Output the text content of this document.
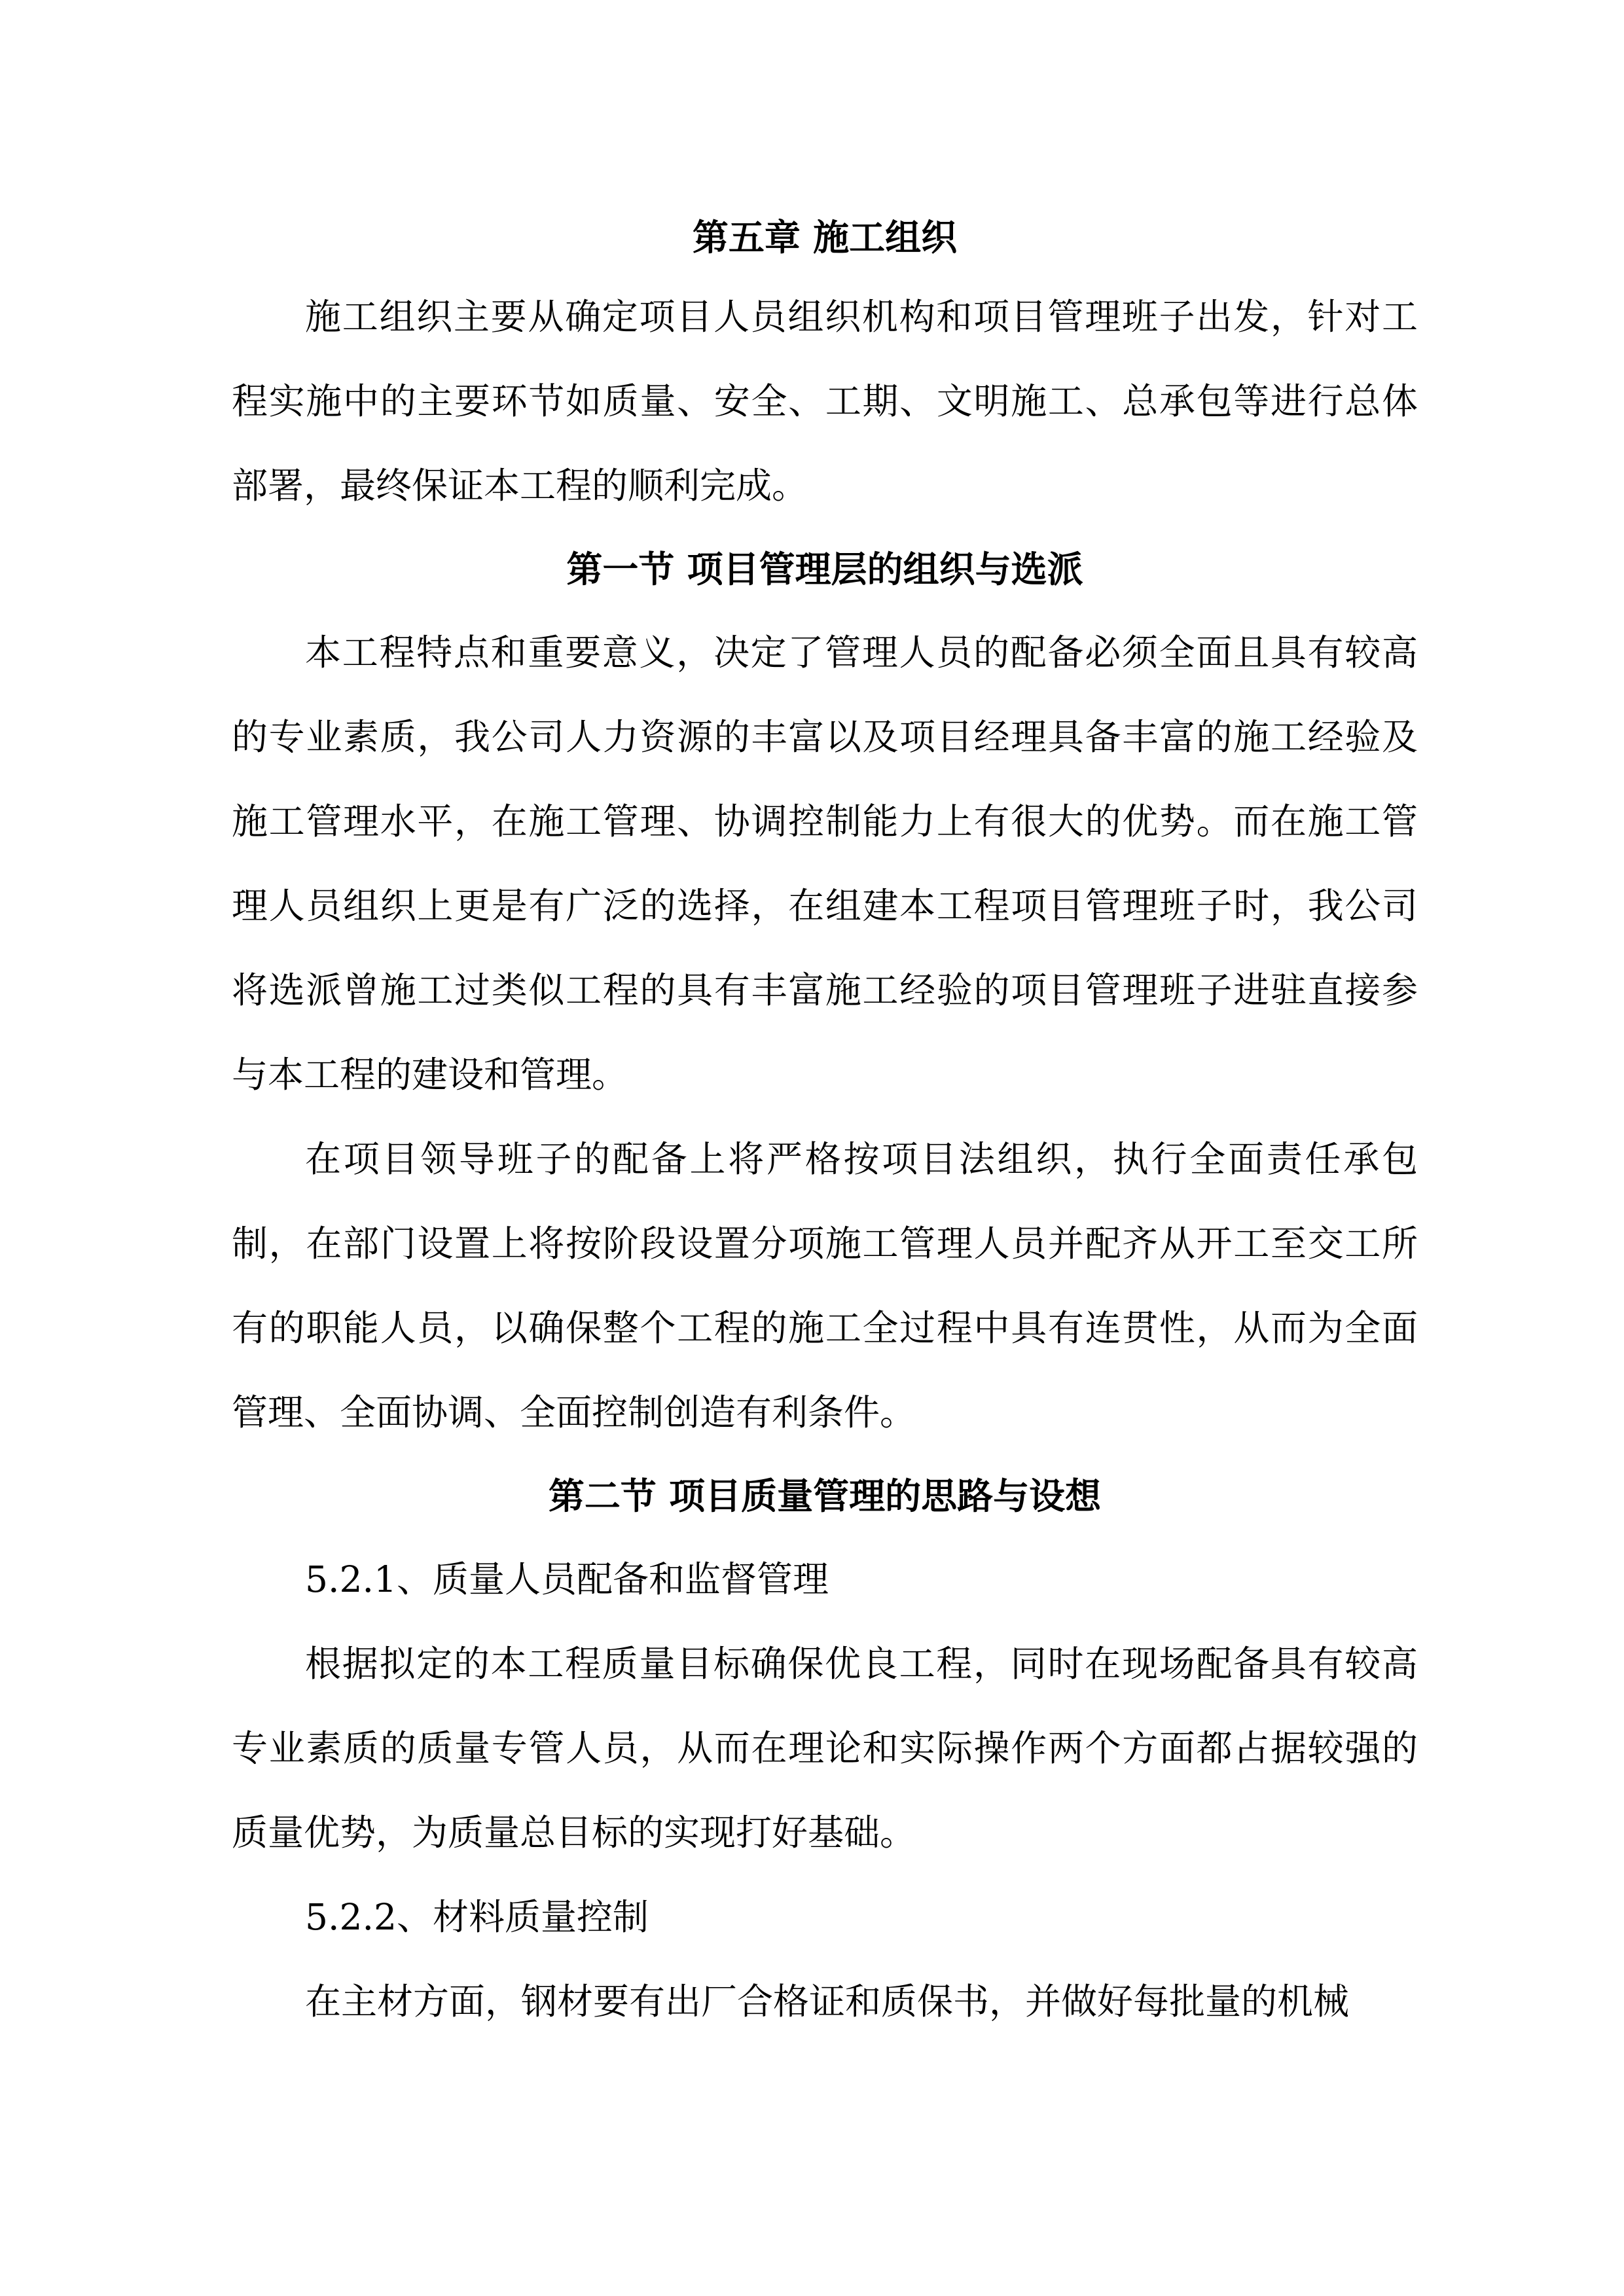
第五章 施工组织

施工组织主要从确定项目人员组织机构和项目管理班子出发，针对工程实施中的主要环节如质量、安全、工期、文明施工、总承包等进行总体部署，最终保证本工程的顺利完成。

第一节 项目管理层的组织与选派

本工程特点和重要意义，决定了管理人员的配备必须全面且具有较高的专业素质，我公司人力资源的丰富以及项目经理具备丰富的施工经验及施工管理水平，在施工管理、协调控制能力上有很大的优势。而在施工管理人员组织上更是有广泛的选择，在组建本工程项目管理班子时，我公司将选派曾施工过类似工程的具有丰富施工经验的项目管理班子进驻直接参与本工程的建设和管理。

在项目领导班子的配备上将严格按项目法组织，执行全面责任承包制，在部门设置上将按阶段设置分项施工管理人员并配齐从开工至交工所有的职能人员，以确保整个工程的施工全过程中具有连贯性，从而为全面管理、全面协调、全面控制创造有利条件。

第二节 项目质量管理的思路与设想

5.2.1、质量人员配备和监督管理

根据拟定的本工程质量目标确保优良工程，同时在现场配备具有较高专业素质的质量专管人员，从而在理论和实际操作两个方面都占据较强的质量优势，为质量总目标的实现打好基础。

5.2.2、材料质量控制

在主材方面，钢材要有出厂合格证和质保书，并做好每批量的机械
